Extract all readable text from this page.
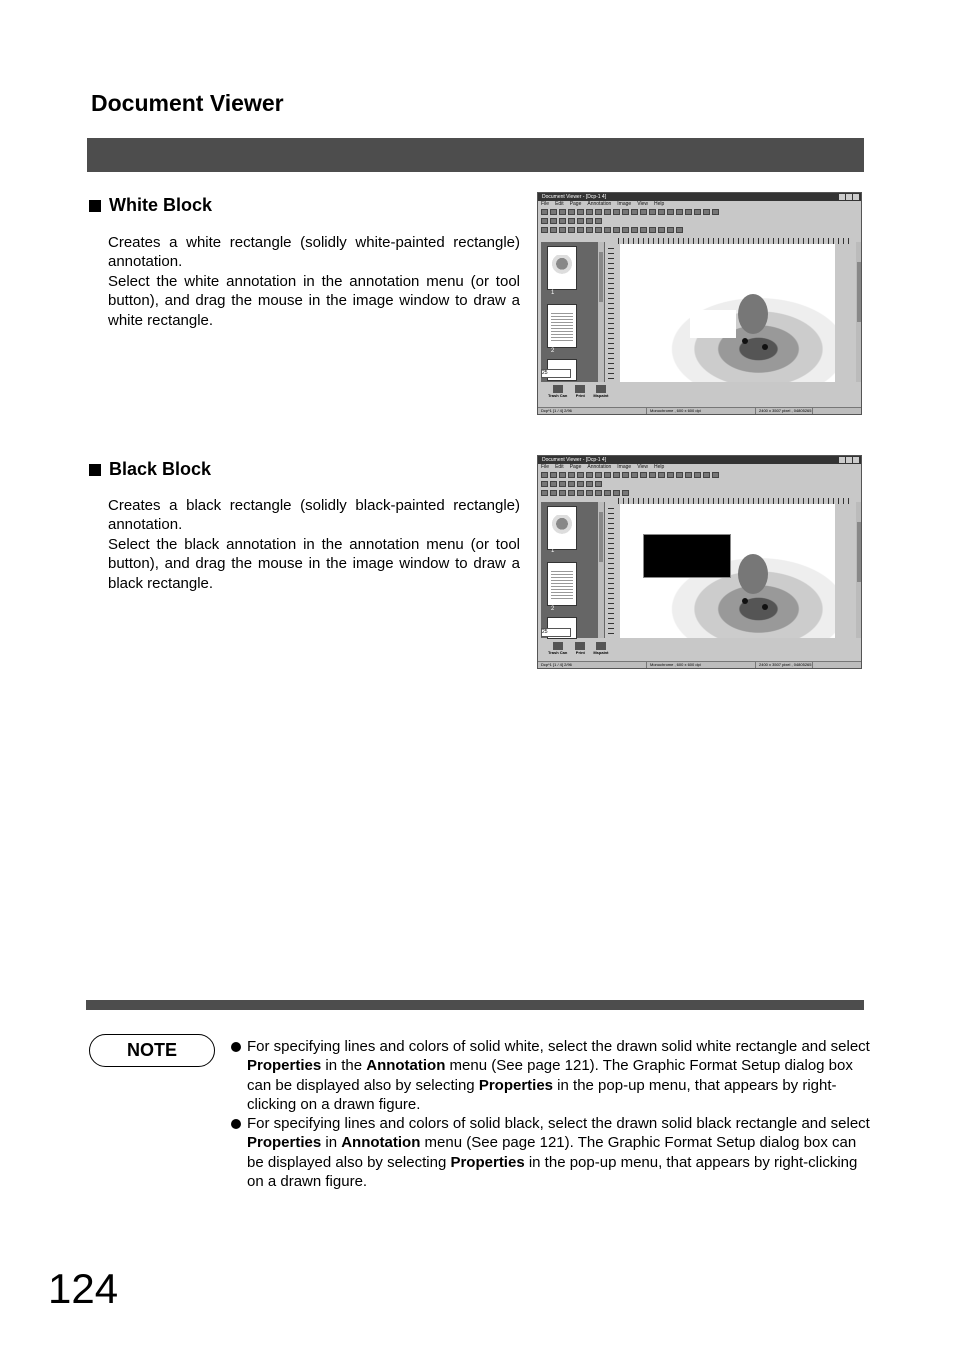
Document Viewer
White Block

Creates a white rectangle (solidly white-painted rectangle) annotation.

Select the white annotation in the annotation menu (or tool button), and drag the mouse in the image window to draw a white rectangle.

Document Viewer - [Dcp-1 4]
File Edit Page Annotation Image View Help
1
2
25
Trash Can Print Mspaint
Dcp*1 [1 / 4] 2/96	Monochrome , 600 x 600 dpi	2400 x 3507 pixel , 04805265
Black Block

Creates a black rectangle (solidly black-painted rectangle) annotation.

Select the black annotation in the annotation menu (or tool button), and drag the mouse in the image window to draw a black rectangle.

Document Viewer - [Dcp-1 4]
File Edit Page Annotation Image View Help
1
2
25
Trash Can Print Mspaint
Dcp*1 [1 / 4] 2/96	Monochrome , 600 x 600 dpi	2400 x 3507 pixel , 04805265
NOTE	For specifying lines and colors of solid white, select the drawn solid white rectangle and select Properties in the Annotation menu (See page 121). The Graphic Format Setup dialog box can be displayed also by selecting Properties in the pop-up menu, that appears by right-clicking on a drawn figure.
For specifying lines and colors of solid black, select the drawn solid black rectangle and select Properties in Annotation menu (See page 121). The Graphic Format Setup dialog box can be displayed also by selecting Properties in the pop-up menu, that appears by right-clicking on a drawn figure.
124
